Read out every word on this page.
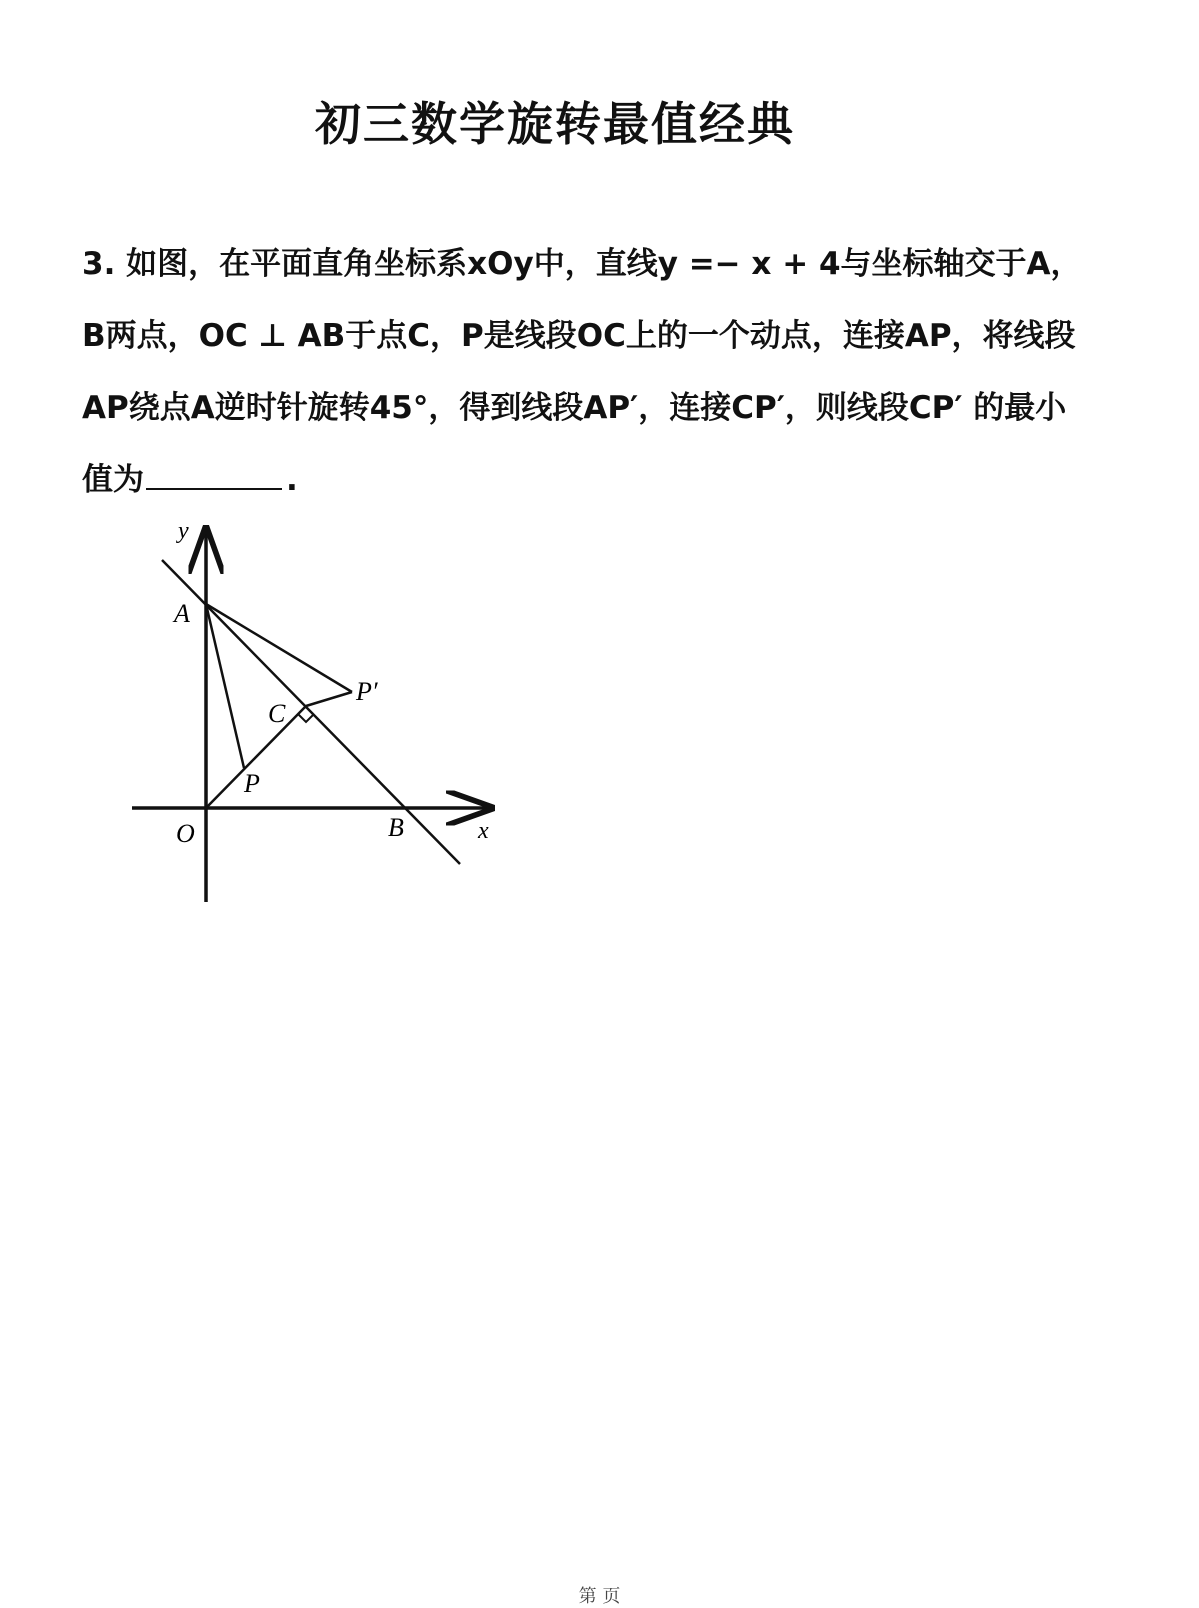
初三数学旋转最值经典
3. 如图，在平面直角坐标系xOy中，直线y =− x + 4与坐标轴交于A，
B两点，OC ⊥ AB于点C，P是线段OC上的一个动点，连接AP，将线段
AP绕点A逆时针旋转45°，得到线段AP′，连接CP′，则线段CP′ 的最小
值为	.
y
x
O
A
B
C
P
P′
第 页
